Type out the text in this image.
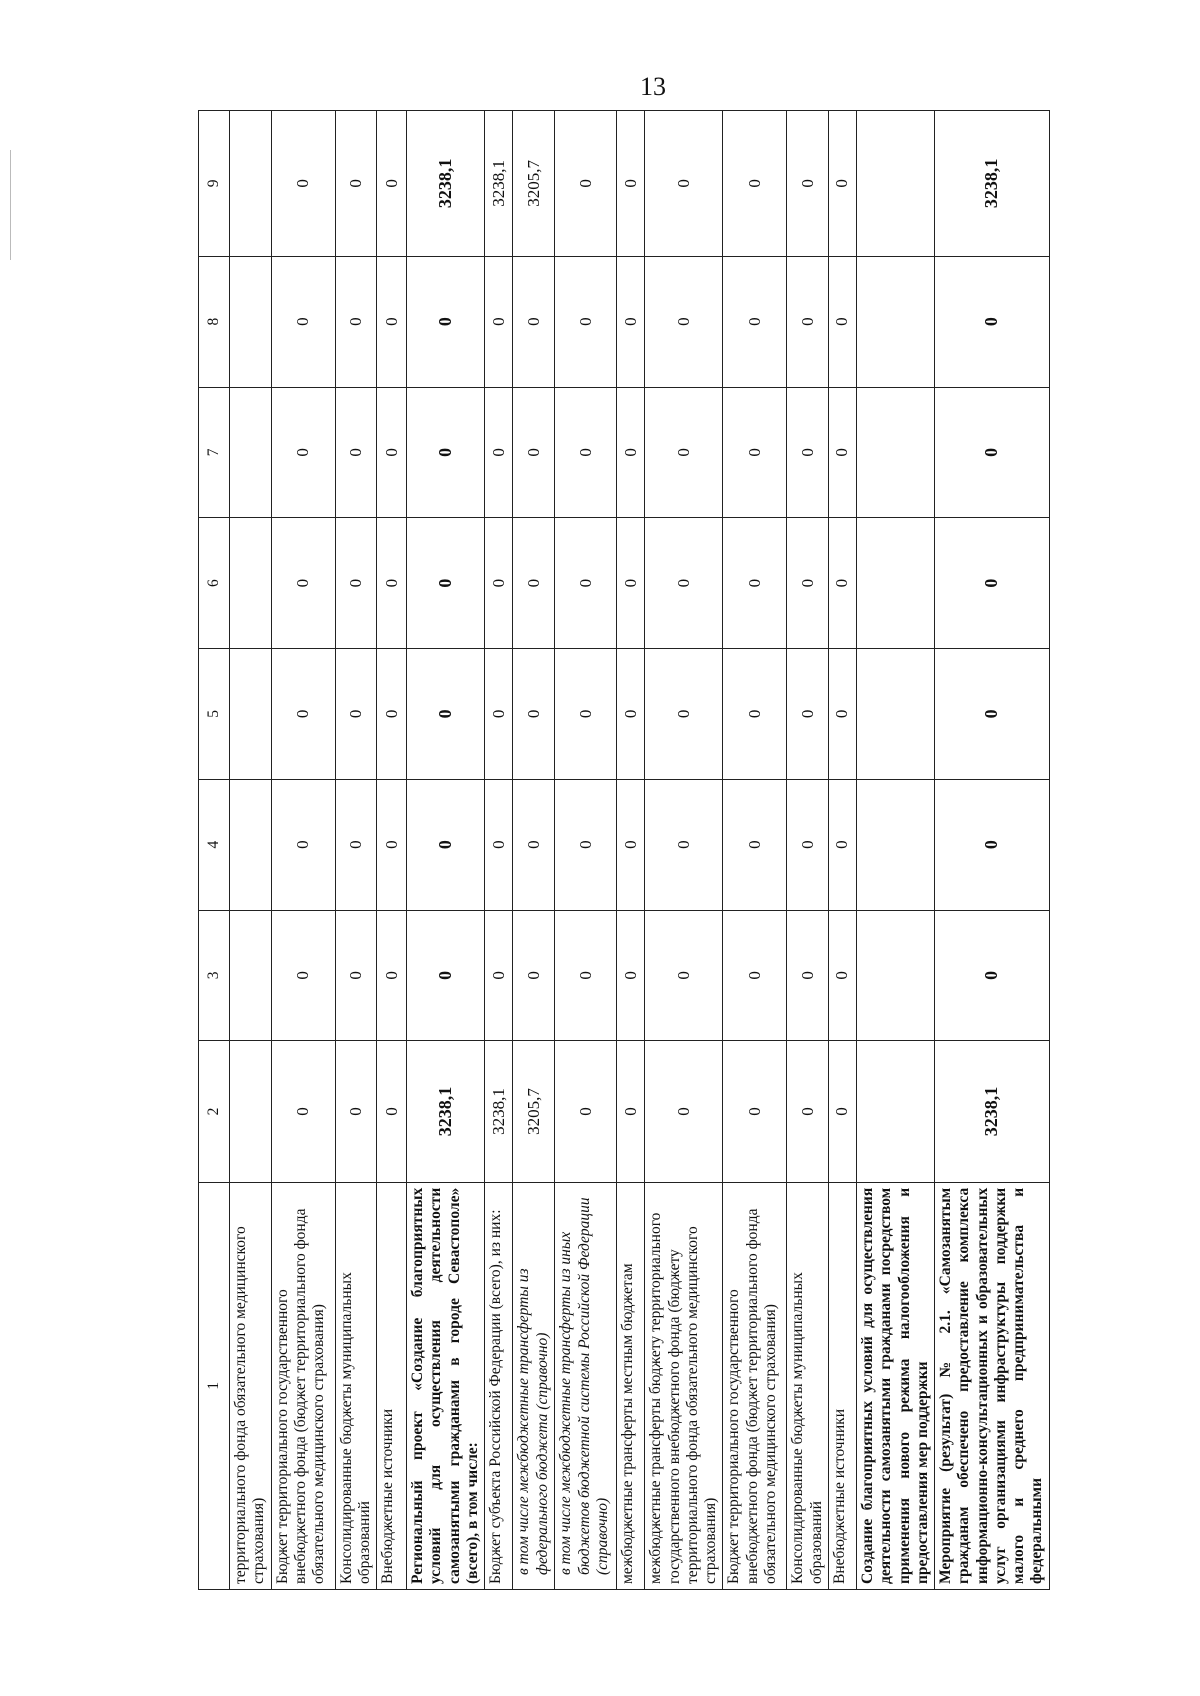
13
1	2	3	4	5	6	7	8	9
территориального фонда обязательного медицинского страхования)								
Бюджет территориального государственного внебюджетного фонда (бюджет территориального фонда обязательного медицинского страхования)	0	0	0	0	0	0	0	0
Консолидированные бюджеты муниципальных образований	0	0	0	0	0	0	0	0
Внебюджетные источники	0	0	0	0	0	0	0	0
Региональный проект «Создание благоприятных условий для осуществления деятельности самозанятыми гражданами в городе Севастополе» (всего), в том числе:	3238,1	0	0	0	0	0	0	3238,1
Бюджет субъекта Российской Федерации (всего), из них:	3238,1	0	0	0	0	0	0	3238,1
в том числе межбюджетные трансферты из федерального бюджета (справочно)	3205,7	0	0	0	0	0	0	3205,7
в том числе межбюджетные трансферты из иных бюджетов бюджетной системы Российской Федерации (справочно)	0	0	0	0	0	0	0	0
межбюджетные трансферты местным бюджетам	0	0	0	0	0	0	0	0
межбюджетные трансферты бюджету территориального государственного внебюджетного фонда (бюджету территориального фонда обязательного медицинского страхования)	0	0	0	0	0	0	0	0
Бюджет территориального государственного внебюджетного фонда (бюджет территориального фонда обязательного медицинского страхования)	0	0	0	0	0	0	0	0
Консолидированные бюджеты муниципальных образований	0	0	0	0	0	0	0	0
Внебюджетные источники	0	0	0	0	0	0	0	0
Создание благоприятных условий для осуществления деятельности самозанятыми гражданами посредством применения нового режима налогообложения и предоставления мер поддержки								
Мероприятие (результат) № 2.1. «Самозанятым гражданам обеспечено предоставление комплекса информационно-консультационных и образовательных услуг организациями инфраструктуры поддержки малого и среднего предпринимательства и федеральными	3238,1	0	0	0	0	0	0	3238,1
